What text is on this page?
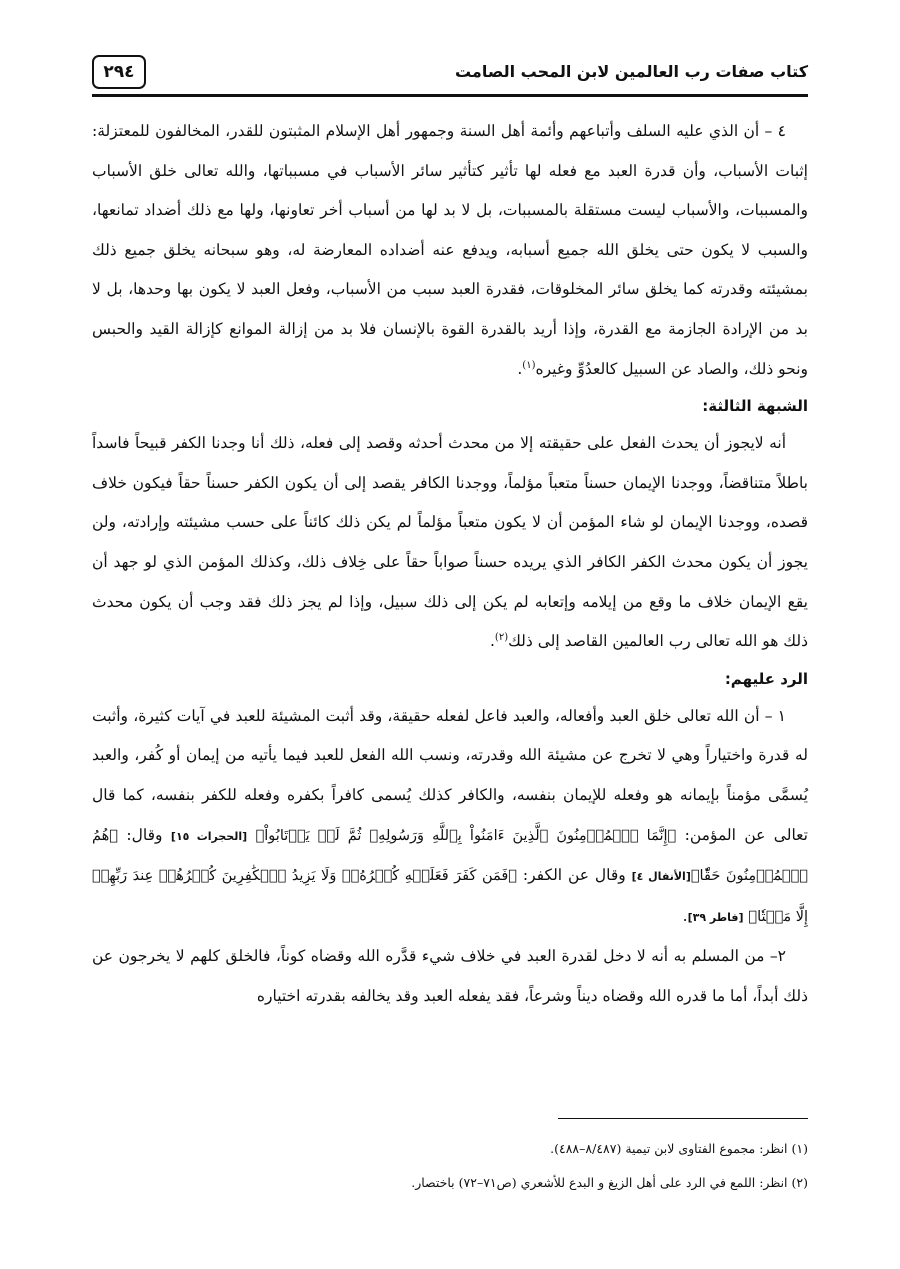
كتاب صفات رب العالمين لابن المحب الصامت
٢٩٤

٤ – أن الذي عليه السلف وأتباعهم وأئمة أهل السنة وجمهور أهل الإسلام المثبتون للقدر، المخالفون للمعتزلة: إثبات الأسباب، وأن قدرة العبد مع فعله لها تأثير كتأثير سائر الأسباب في مسبباتها، والله تعالى خلق الأسباب والمسببات، والأسباب ليست مستقلة بالمسببات، بل لا بد لها من أسباب أخر تعاونها، ولها مع ذلك أضداد تمانعها، والسبب لا يكون حتى يخلق الله جميع أسبابه، ويدفع عنه أضداده المعارضة له، وهو سبحانه يخلق جميع ذلك بمشيئته وقدرته كما يخلق سائر المخلوقات، فقدرة العبد سبب من الأسباب، وفعل العبد لا يكون بها وحدها، بل لا بد من الإرادة الجازمة مع القدرة، وإذا أريد بالقدرة القوة بالإنسان فلا بد من إزالة الموانع كإزالة القيد والحبس ونحو ذلك، والصاد عن السبيل كالعدُوِّ وغيره$^{(١)}$.

الشبهة الثالثة:

أنه لايجوز أن يحدث الفعل على حقيقته إلا من محدث أحدثه وقصد إلى فعله، ذلك أنا وجدنا الكفر قبيحاً فاسداً باطلاً متناقضاً، ووجدنا الإيمان حسناً متعباً مؤلماً، ووجدنا الكافر يقصد إلى أن يكون الكفر حسناً حقاً فيكون خلاف قصده، ووجدنا الإيمان لو شاء المؤمن أن لا يكون متعباً مؤلماً لم يكن ذلك كائناً على حسب مشيئته وإرادته، ولن يجوز أن يكون محدث الكفر الكافر الذي يريده حسناً صواباً حقاً على خِلاف ذلك، وكذلك المؤمن الذي لو جهد أن يقع الإيمان خلاف ما وقع من إيلامه وإتعابه لم يكن إلى ذلك سبيل، وإذا لم يجز ذلك فقد وجب أن يكون محدث ذلك هو الله تعالى رب العالمين القاصد إلى ذلك$^{(٢)}$.

الرد عليهم:

١ – أن الله تعالى خلق العبد وأفعاله، والعبد فاعل لفعله حقيقة، وقد أثبت المشيئة للعبد في آيات كثيرة، وأثبت له قدرة واختياراً وهي لا تخرج عن مشيئة الله وقدرته، ونسب الله الفعل للعبد فيما يأتيه من إيمان أو كُفر، والعبد يُسمَّى مؤمناً بإيمانه هو وفعله للإيمان بنفسه، والكافر كذلك يُسمى كافراً بكفره وفعله للكفر بنفسه، كما قال تعالى عن المؤمن: ﴿إِنَّمَا ٱلۡمُؤۡمِنُونَ ٱلَّذِينَ ءَامَنُواْ بِٱللَّهِ وَرَسُولِهِۦ ثُمَّ لَمۡ يَرۡتَابُواْ﴾ [الحجرات ١٥] وقال: ﴿هُمُ ٱلۡمُؤۡمِنُونَ حَقّٗا﴾[الأنفال ٤] وقال عن الكفر: ﴿فَمَن كَفَرَ فَعَلَيۡهِ كُفۡرُهُۥۖ وَلَا يَزِيدُ ٱلۡكَٰفِرِينَ كُفۡرُهُمۡ عِندَ رَبِّهِمۡ إِلَّا مَقۡتٗا﴾ [فاطر ٣٩].

٢– من المسلم به أنه لا دخل لقدرة العبد في خلاف شيء قدَّره الله وقضاه كوناً، فالخلق كلهم لا يخرجون عن ذلك أبداً، أما ما قدره الله وقضاه ديناً وشرعاً، فقد يفعله العبد وقد يخالفه بقدرته اختياره

(١) انظر: مجموع الفتاوى لابن تيمية (٨/٤٨٧–٤٨٨).
(٢) انظر: اللمع في الرد على أهل الزيغ و البدع للأشعري (ص٧١–٧٢) باختصار.
